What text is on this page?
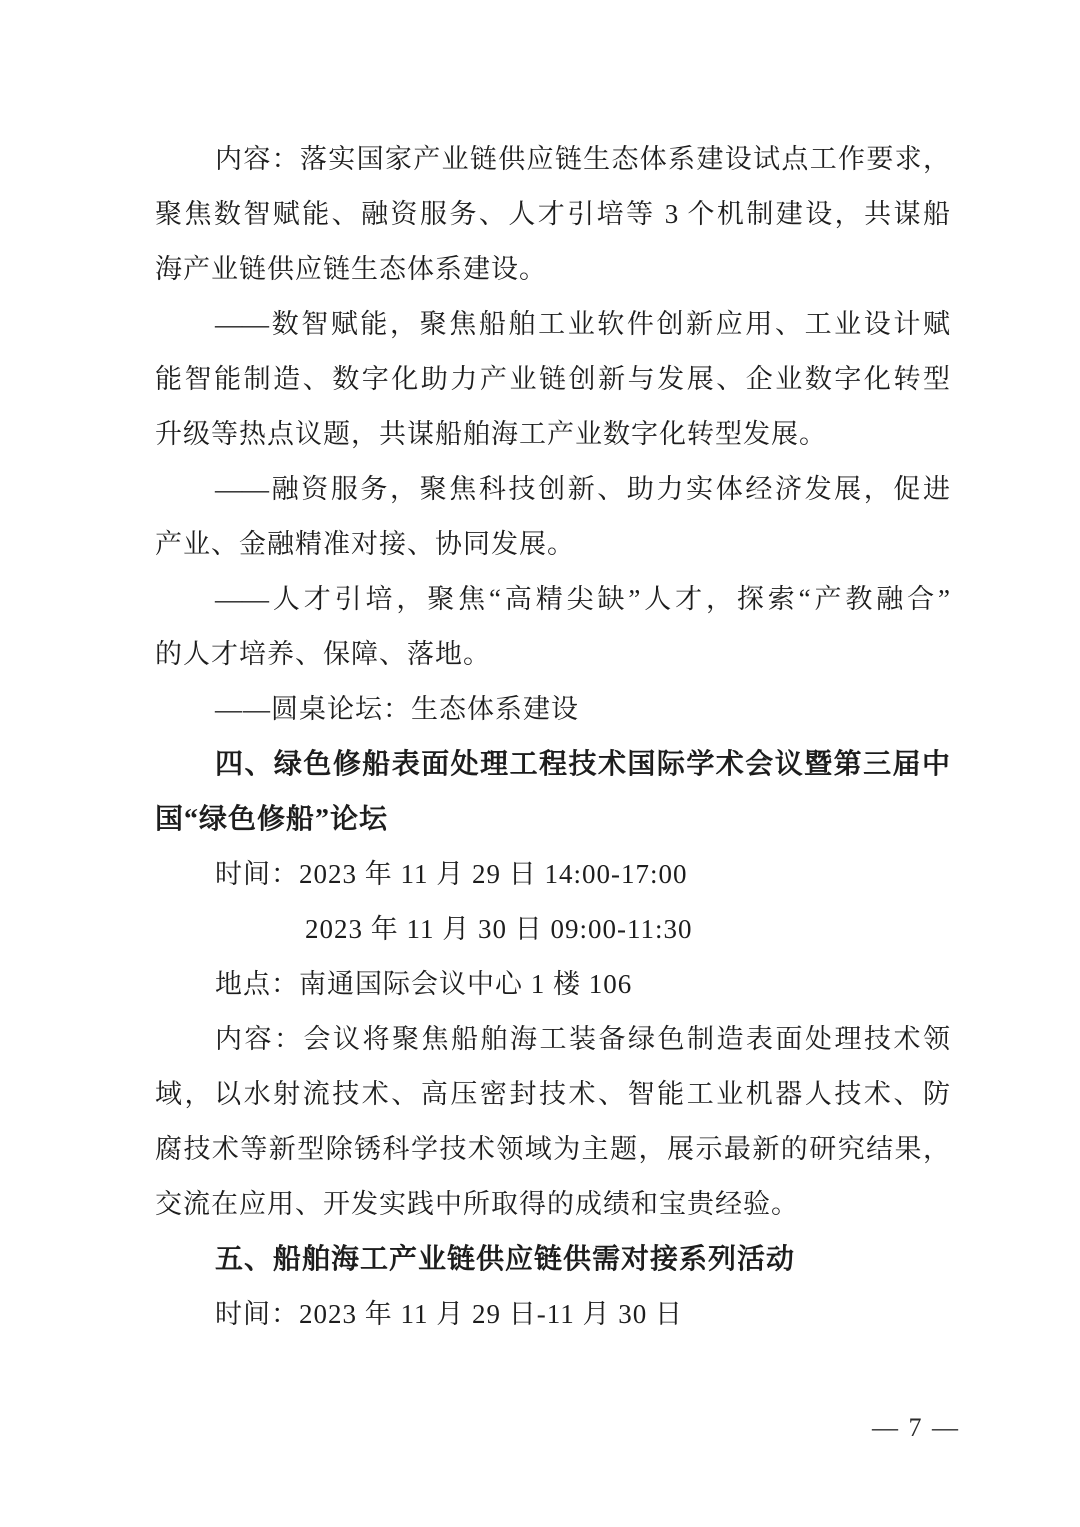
内容：落实国家产业链供应链生态体系建设试点工作要求，
聚焦数智赋能、融资服务、人才引培等 3 个机制建设，共谋船
海产业链供应链生态体系建设。
——数智赋能，聚焦船舶工业软件创新应用、工业设计赋
能智能制造、数字化助力产业链创新与发展、企业数字化转型
升级等热点议题，共谋船舶海工产业数字化转型发展。
——融资服务，聚焦科技创新、助力实体经济发展，促进
产业、金融精准对接、协同发展。
——人才引培，聚焦“高精尖缺”人才，探索“产教融合”
的人才培养、保障、落地。
——圆桌论坛：生态体系建设
四、绿色修船表面处理工程技术国际学术会议暨第三届中
国“绿色修船”论坛
时间：2023 年 11 月 29 日 14:00-17:00
2023 年 11 月 30 日 09:00-11:30
地点：南通国际会议中心 1 楼 106
内容：会议将聚焦船舶海工装备绿色制造表面处理技术领
域，以水射流技术、高压密封技术、智能工业机器人技术、防
腐技术等新型除锈科学技术领域为主题，展示最新的研究结果，
交流在应用、开发实践中所取得的成绩和宝贵经验。
五、船舶海工产业链供应链供需对接系列活动
时间：2023 年 11 月 29 日-11 月 30 日
— 7 —
